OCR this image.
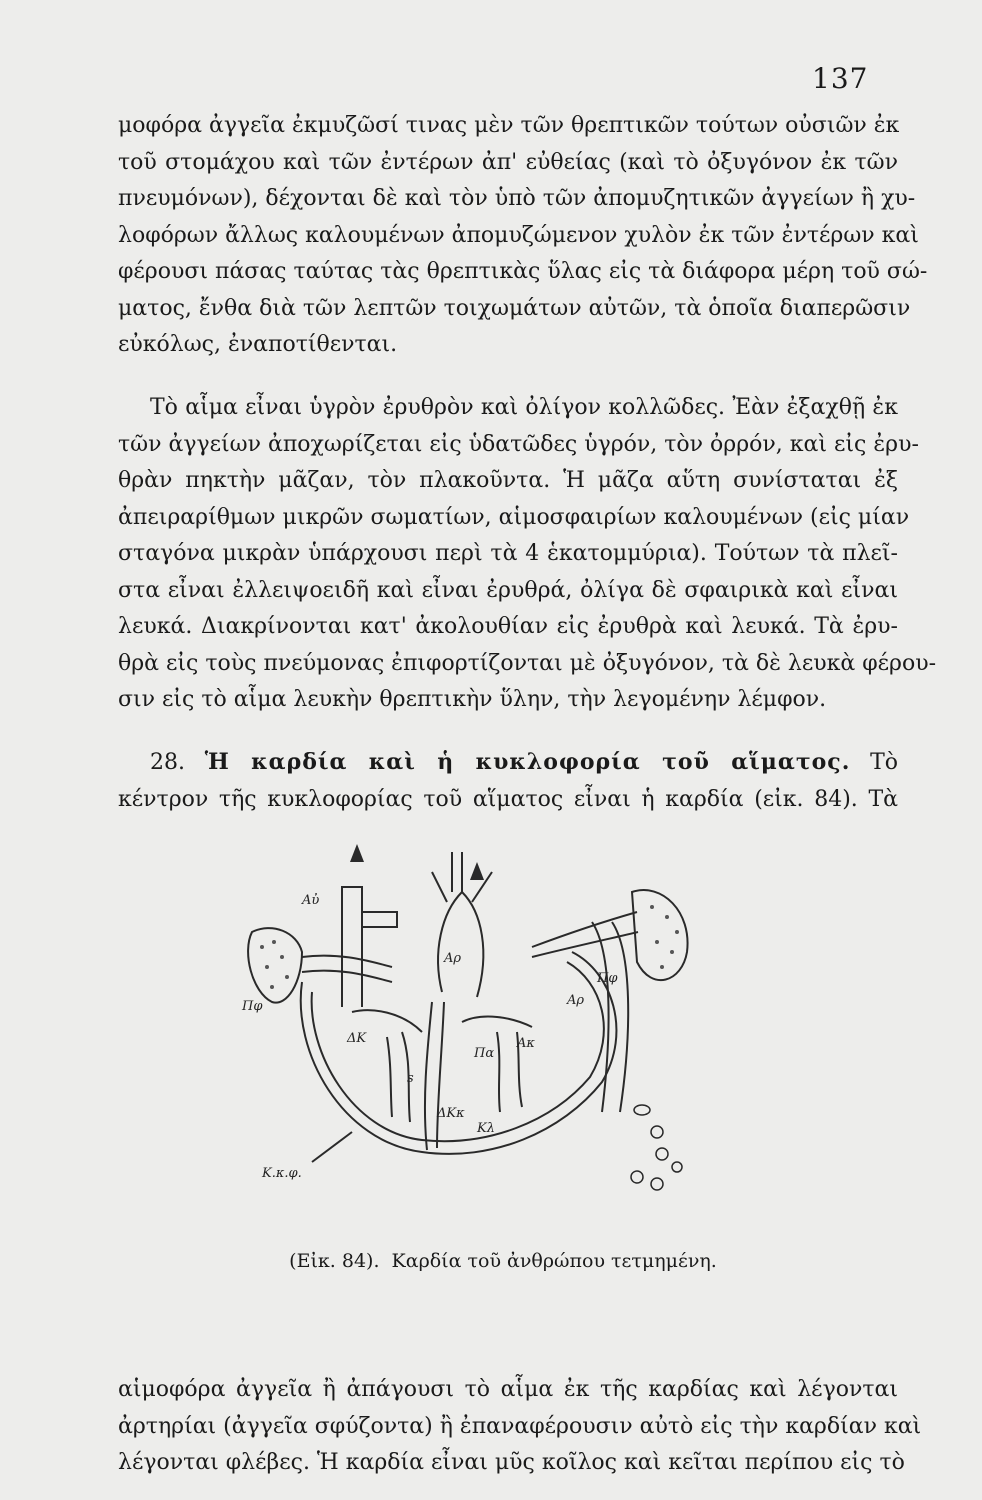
137
μοφόρα ἀγγεῖα ἐκμυζῶσί τινας μὲν τῶν θρεπτικῶν τούτων οὐσιῶν ἐκ
τοῦ στομάχου καὶ τῶν ἐντέρων ἀπ' εὐθείας (καὶ τὸ ὀξυγόνον ἐκ τῶν
πνευμόνων), δέχονται δὲ καὶ τὸν ὑπὸ τῶν ἀπομυζητικῶν ἀγγείων ἢ χυ-
λοφόρων ἄλλως καλουμένων ἀπομυζώμενον χυλὸν ἐκ τῶν ἐντέρων καὶ
φέρουσι πάσας ταύτας τὰς θρεπτικὰς ὕλας εἰς τὰ διάφορα μέρη τοῦ σώ-
ματος, ἔνθα διὰ τῶν λεπτῶν τοιχωμάτων αὐτῶν, τὰ ὁποῖα διαπερῶσιν
εὐκόλως, ἐναποτίθενται.
Τὸ αἷμα εἶναι ὑγρὸν ἐρυθρὸν καὶ ὀλίγον κολλῶδες. Ἐὰν ἐξαχθῇ ἐκ
τῶν ἀγγείων ἀποχωρίζεται εἰς ὑδατῶδες ὑγρόν, τὸν ὀρρόν, καὶ εἰς ἐρυ-
θρὰν πηκτὴν μᾶζαν, τὸν πλακοῦντα. Ἡ μᾶζα αὕτη συνίσταται ἐξ
ἀπειραρίθμων μικρῶν σωματίων, αἱμοσφαιρίων καλουμένων (εἰς μίαν
σταγόνα μικρὰν ὑπάρχουσι περὶ τὰ 4 ἑκατομμύρια). Τούτων τὰ πλεῖ-
στα εἶναι ἐλλειψοειδῆ καὶ εἶναι ἐρυθρά, ὀλίγα δὲ σφαιρικὰ καὶ εἶναι
λευκά. Διακρίνονται κατ' ἀκολουθίαν εἰς ἐρυθρὰ καὶ λευκά. Τὰ ἐρυ-
θρὰ εἰς τοὺς πνεύμονας ἐπιφορτίζονται μὲ ὀξυγόνον, τὰ δὲ λευκὰ φέρου-
σιν εἰς τὸ αἷμα λευκὴν θρεπτικὴν ὕλην, τὴν λεγομένην λέμφον.
28. Ἡ καρδία καὶ ἡ κυκλοφορία τοῦ αἵματος. Τὸ
κέντρον τῆς κυκλοφορίας τοῦ αἵματος εἶναι ἡ καρδία (εἰκ. 84). Τὰ
Αὐ
ΔΚ
Αρ
Πα
Ακ
Αρ
Πφ
Πφ
s
ΔΚκ
Κλ
Κ.κ.φ.
(Εἰκ. 84). Καρδία τοῦ ἀνθρώπου τετμημένη.
αἱμοφόρα ἀγγεῖα ἢ ἀπάγουσι τὸ αἷμα ἐκ τῆς καρδίας καὶ λέγονται
ἀρτηρίαι (ἀγγεῖα σφύζοντα) ἢ ἐπαναφέρουσιν αὐτὸ εἰς τὴν καρδίαν καὶ
λέγονται φλέβες. Ἡ καρδία εἶναι μῦς κοῖλος καὶ κεῖται περίπου εἰς τὸ
